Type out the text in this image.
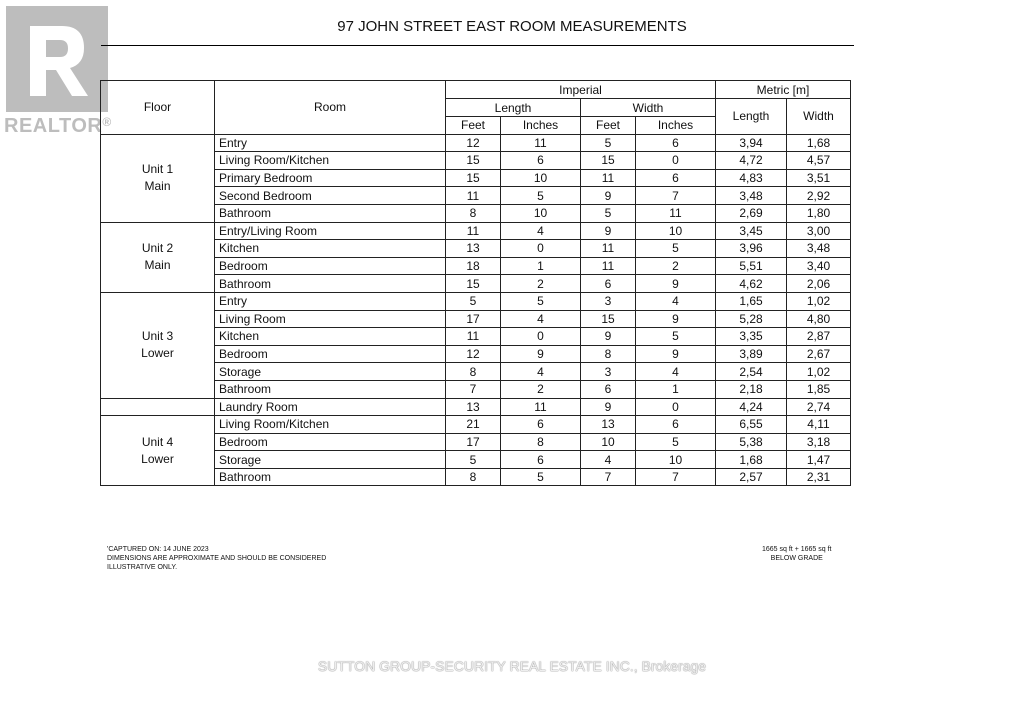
REALTOR®
97 JOHN STREET EAST ROOM MEASUREMENTS
Floor	Room	Imperial				Metric [m]	
		Length		Width		Length	Width
		Feet	Inches	Feet	Inches		

Unit 1
Main	Entry	12	11	5	6	3,94	1,68
	Living Room/Kitchen	15	6	15	0	4,72	4,57
	Primary Bedroom	15	10	11	6	4,83	3,51
	Second Bedroom	11	5	9	7	3,48	2,92
	Bathroom	8	10	5	11	2,69	1,80

Unit 2
Main	Entry/Living Room	11	4	9	10	3,45	3,00
	Kitchen	13	0	11	5	3,96	3,48
	Bedroom	18	1	11	2	5,51	3,40
	Bathroom	15	2	6	9	4,62	2,06

Unit 3
Lower	Entry	5	5	3	4	1,65	1,02
	Living Room	17	4	15	9	5,28	4,80
	Kitchen	11	0	9	5	3,35	2,87
	Bedroom	12	9	8	9	3,89	2,67
	Storage	8	4	3	4	2,54	1,02
	Bathroom	7	2	6	1	2,18	1,85
	Laundry Room	13	11	9	0	4,24	2,74

Unit 4
Lower	Living Room/Kitchen	21	6	13	6	6,55	4,11
	Bedroom	17	8	10	5	5,38	3,18
	Storage	5	6	4	10	1,68	1,47
	Bathroom	8	5	7	7	2,57	2,31
'CAPTURED ON: 14 JUNE 2023
DIMENSIONS ARE APPROXIMATE AND SHOULD BE CONSIDERED
ILLUSTRATIVE ONLY.
1665 sq ft + 1665 sq ft
BELOW GRADE
SUTTON GROUP-SECURITY REAL ESTATE INC., Brokerage
